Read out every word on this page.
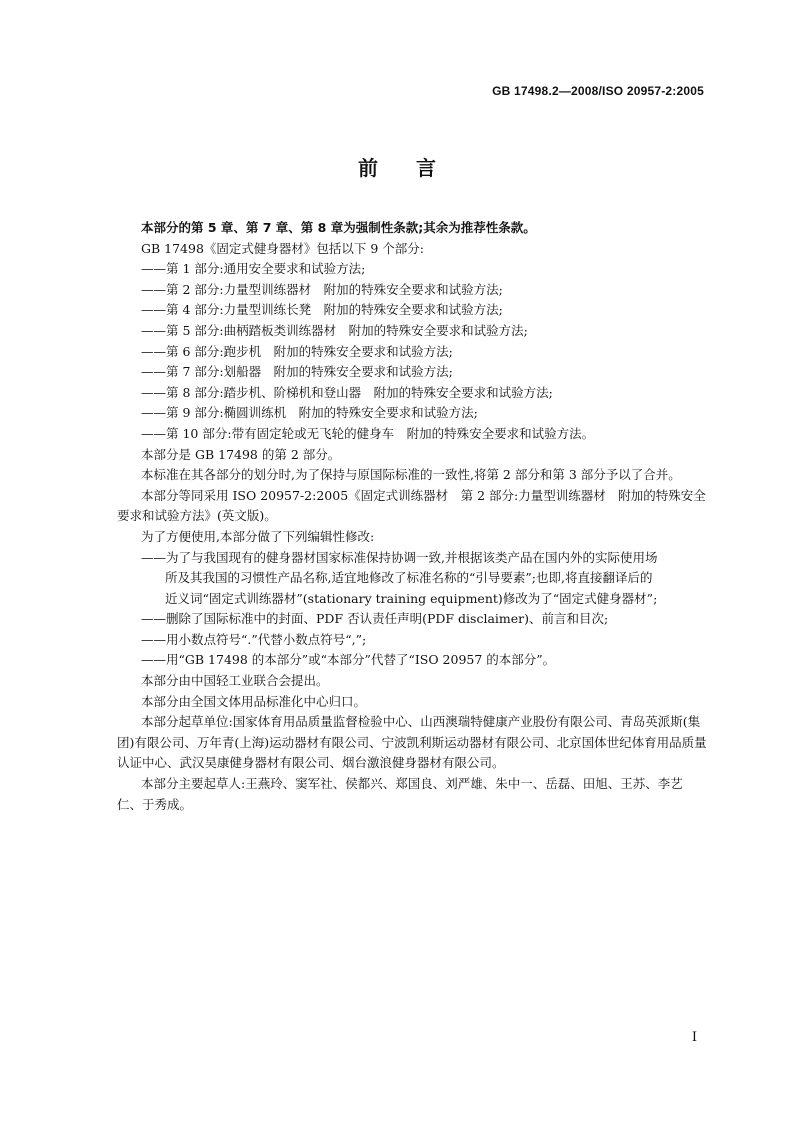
GB 17498.2—2008/ISO 20957-2:2005
前言

本部分的第 5 章、第 7 章、第 8 章为强制性条款;其余为推荐性条款。

GB 17498《固定式健身器材》包括以下 9 个部分:

——第 1 部分:通用安全要求和试验方法;

——第 2 部分:力量型训练器材　附加的特殊安全要求和试验方法;

——第 4 部分:力量型训练长凳　附加的特殊安全要求和试验方法;

——第 5 部分:曲柄踏板类训练器材　附加的特殊安全要求和试验方法;

——第 6 部分:跑步机　附加的特殊安全要求和试验方法;

——第 7 部分:划船器　附加的特殊安全要求和试验方法;

——第 8 部分:踏步机、阶梯机和登山器　附加的特殊安全要求和试验方法;

——第 9 部分:椭圆训练机　附加的特殊安全要求和试验方法;

——第 10 部分:带有固定轮或无飞轮的健身车　附加的特殊安全要求和试验方法。

本部分是 GB 17498 的第 2 部分。

本标准在其各部分的划分时,为了保持与原国际标准的一致性,将第 2 部分和第 3 部分予以了合并。

本部分等同采用 ISO 20957-2:2005《固定式训练器材　第 2 部分:力量型训练器材　附加的特殊安全要求和试验方法》(英文版)。

为了方便使用,本部分做了下列编辑性修改:

——为了与我国现有的健身器材国家标准保持协调一致,并根据该类产品在国内外的实际使用场

所及其我国的习惯性产品名称,适宜地修改了标准名称的“引导要素”;也即,将直接翻译后的

近义词“固定式训练器材”(stationary training equipment)修改为了“固定式健身器材”;

——删除了国际标准中的封面、PDF 否认责任声明(PDF disclaimer)、前言和目次;

——用小数点符号“.”代替小数点符号“,”;

——用“GB 17498 的本部分”或“本部分”代替了“ISO 20957 的本部分”。

本部分由中国轻工业联合会提出。

本部分由全国文体用品标准化中心归口。

本部分起草单位:国家体育用品质量监督检验中心、山西澳瑞特健康产业股份有限公司、青岛英派斯(集团)有限公司、万年青(上海)运动器材有限公司、宁波凯利斯运动器材有限公司、北京国体世纪体育用品质量认证中心、武汉昊康健身器材有限公司、烟台激浪健身器材有限公司。

本部分主要起草人:王燕玲、窦军社、侯都兴、郑国良、刘严雄、朱中一、岳磊、田旭、王苏、李艺仁、于秀成。

I
